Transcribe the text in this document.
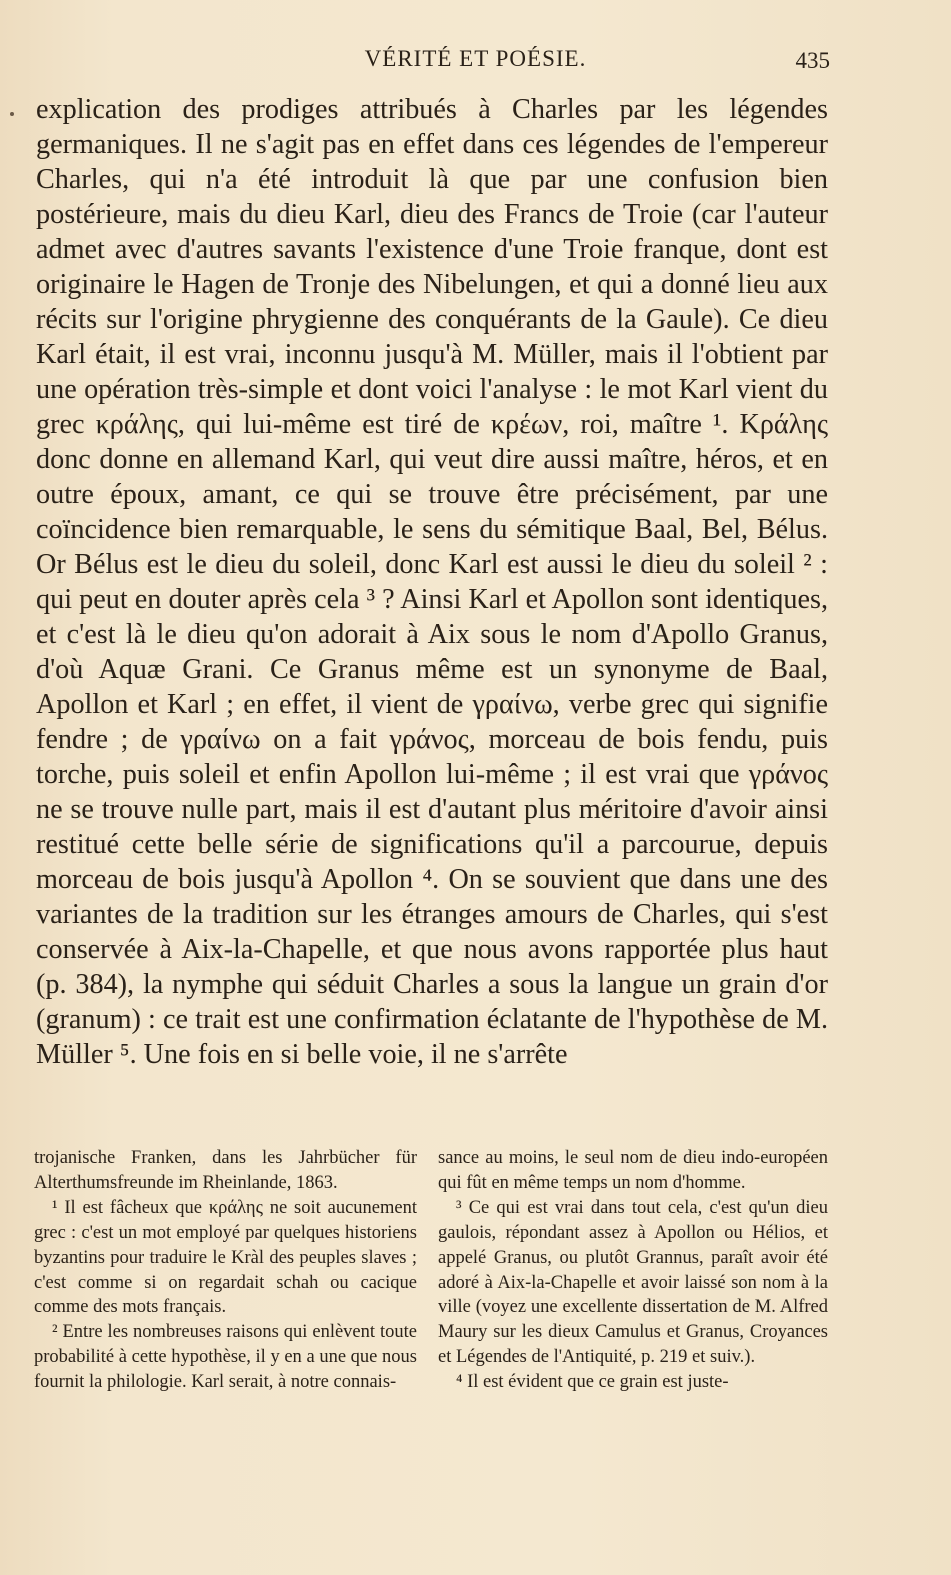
VÉRITÉ ET POÉSIE.	435

explication des prodiges attribués à Charles par les légendes germaniques. Il ne s'agit pas en effet dans ces légendes de l'empereur Charles, qui n'a été introduit là que par une confusion bien postérieure, mais du dieu Karl, dieu des Francs de Troie (car l'auteur admet avec d'autres savants l'existence d'une Troie franque, dont est originaire le Hagen de Tronje des Nibelungen, et qui a donné lieu aux récits sur l'origine phrygienne des conquérants de la Gaule). Ce dieu Karl était, il est vrai, inconnu jusqu'à M. Müller, mais il l'obtient par une opération très-simple et dont voici l'analyse : le mot Karl vient du grec κράλης, qui lui-même est tiré de κρέων, roi, maître ¹. Κράλης donc donne en allemand Karl, qui veut dire aussi maître, héros, et en outre époux, amant, ce qui se trouve être précisément, par une coïncidence bien remarquable, le sens du sémitique Baal, Bel, Bélus. Or Bélus est le dieu du soleil, donc Karl est aussi le dieu du soleil ² : qui peut en douter après cela ³ ? Ainsi Karl et Apollon sont identiques, et c'est là le dieu qu'on adorait à Aix sous le nom d'Apollo Granus, d'où Aquæ Grani. Ce Granus même est un synonyme de Baal, Apollon et Karl ; en effet, il vient de γραίνω, verbe grec qui signifie fendre ; de γραίνω on a fait γράνος, morceau de bois fendu, puis torche, puis soleil et enfin Apollon lui-même ; il est vrai que γράνος ne se trouve nulle part, mais il est d'autant plus méritoire d'avoir ainsi restitué cette belle série de significations qu'il a parcourue, depuis morceau de bois jusqu'à Apollon ⁴. On se souvient que dans une des variantes de la tradition sur les étranges amours de Charles, qui s'est conservée à Aix-la-Chapelle, et que nous avons rapportée plus haut (p. 384), la nymphe qui séduit Charles a sous la langue un grain d'or (granum) : ce trait est une confirmation éclatante de l'hypothèse de M. Müller ⁵. Une fois en si belle voie, il ne s'arrête

trojanische Franken, dans les Jahrbücher für Alterthumsfreunde im Rheinlande, 1863.

¹ Il est fâcheux que κράλης ne soit aucunement grec : c'est un mot employé par quelques historiens byzantins pour traduire le Kràl des peuples slaves ; c'est comme si on regardait schah ou cacique comme des mots français.

² Entre les nombreuses raisons qui enlèvent toute probabilité à cette hypothèse, il y en a une que nous fournit la philologie. Karl serait, à notre connais-

sance au moins, le seul nom de dieu indo-européen qui fût en même temps un nom d'homme.

³ Ce qui est vrai dans tout cela, c'est qu'un dieu gaulois, répondant assez à Apollon ou Hélios, et appelé Granus, ou plutôt Grannus, paraît avoir été adoré à Aix-la-Chapelle et avoir laissé son nom à la ville (voyez une excellente dissertation de M. Alfred Maury sur les dieux Camulus et Granus, Croyances et Légendes de l'Antiquité, p. 219 et suiv.).

⁴ Il est évident que ce grain est juste-
